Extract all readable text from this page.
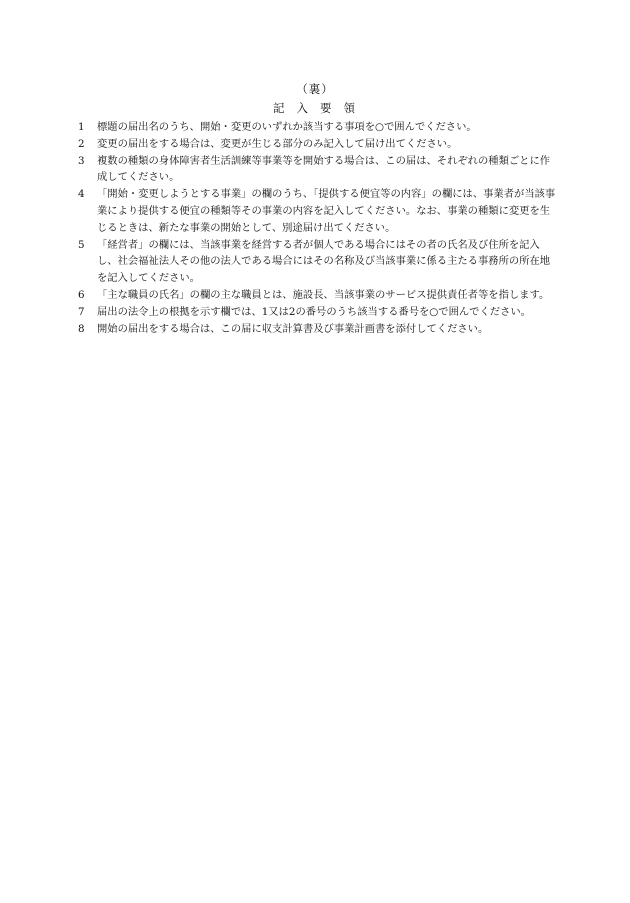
（裏）
記入要領
1	標題の届出名のうち、開始・変更のいずれか該当する事項を○で囲んでください。
2	変更の届出をする場合は、変更が生じる部分のみ記入して届け出てください。
3	複数の種類の身体障害者生活訓練等事業等を開始する場合は、この届は、それぞれの種類ごとに作成してください。
4	「開始・変更しようとする事業」の欄のうち、「提供する便宜等の内容」の欄には、事業者が当該事業により提供する便宜の種類等その事業の内容を記入してください。なお、事業の種類に変更を生じるときは、新たな事業の開始として、別途届け出てください。
5	「経営者」の欄には、当該事業を経営する者が個人である場合にはその者の氏名及び住所を記入し、社会福祉法人その他の法人である場合にはその名称及び当該事業に係る主たる事務所の所在地を記入してください。
6	「主な職員の氏名」の欄の主な職員とは、施設長、当該事業のサービス提供責任者等を指します。
7	届出の法令上の根拠を示す欄では、1又は2の番号のうち該当する番号を○で囲んでください。
8	開始の届出をする場合は、この届に収支計算書及び事業計画書を添付してください。
